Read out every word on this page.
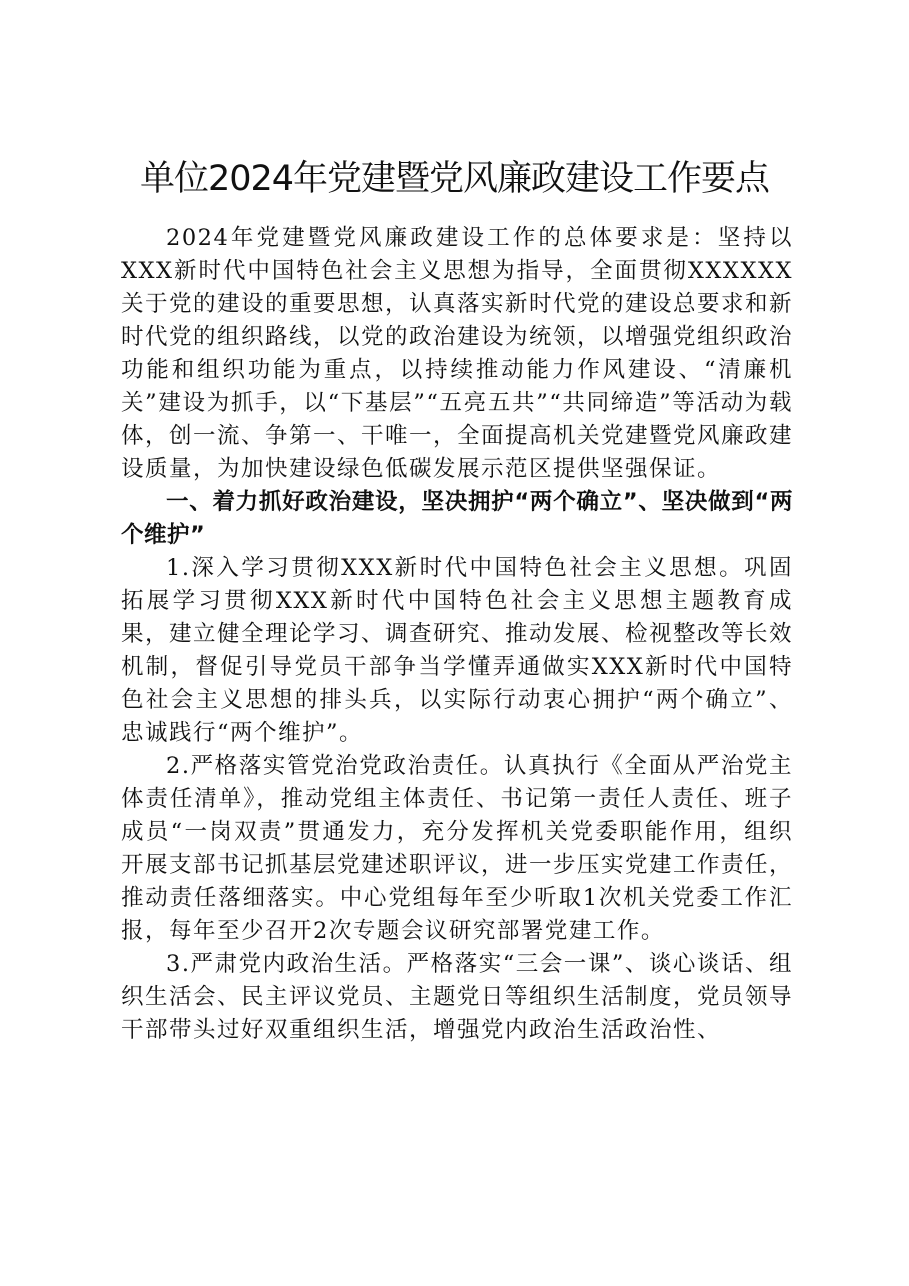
单位2024年党建暨党风廉政建设工作要点

2024年党建暨党风廉政建设工作的总体要求是：坚持以XXX新时代中国特色社会主义思想为指导，全面贯彻XXXXXX关于党的建设的重要思想，认真落实新时代党的建设总要求和新时代党的组织路线，以党的政治建设为统领，以增强党组织政治功能和组织功能为重点，以持续推动能力作风建设、“清廉机关”建设为抓手，以“下基层”“五亮五共”“共同缔造”等活动为载体，创一流、争第一、干唯一，全面提高机关党建暨党风廉政建设质量，为加快建设绿色低碳发展示范区提供坚强保证。

一、着力抓好政治建设，坚决拥护“两个确立”、坚决做到“两个维护”

1.深入学习贯彻XXX新时代中国特色社会主义思想。巩固拓展学习贯彻XXX新时代中国特色社会主义思想主题教育成果，建立健全理论学习、调查研究、推动发展、检视整改等长效机制，督促引导党员干部争当学懂弄通做实XXX新时代中国特色社会主义思想的排头兵，以实际行动衷心拥护“两个确立”、忠诚践行“两个维护”。

2.严格落实管党治党政治责任。认真执行《全面从严治党主体责任清单》，推动党组主体责任、书记第一责任人责任、班子成员“一岗双责”贯通发力，充分发挥机关党委职能作用，组织开展支部书记抓基层党建述职评议，进一步压实党建工作责任，推动责任落细落实。中心党组每年至少听取1次机关党委工作汇报，每年至少召开2次专题会议研究部署党建工作。

3.严肃党内政治生活。严格落实“三会一课”、谈心谈话、组织生活会、民主评议党员、主题党日等组织生活制度，党员领导干部带头过好双重组织生活，增强党内政治生活政治性、
